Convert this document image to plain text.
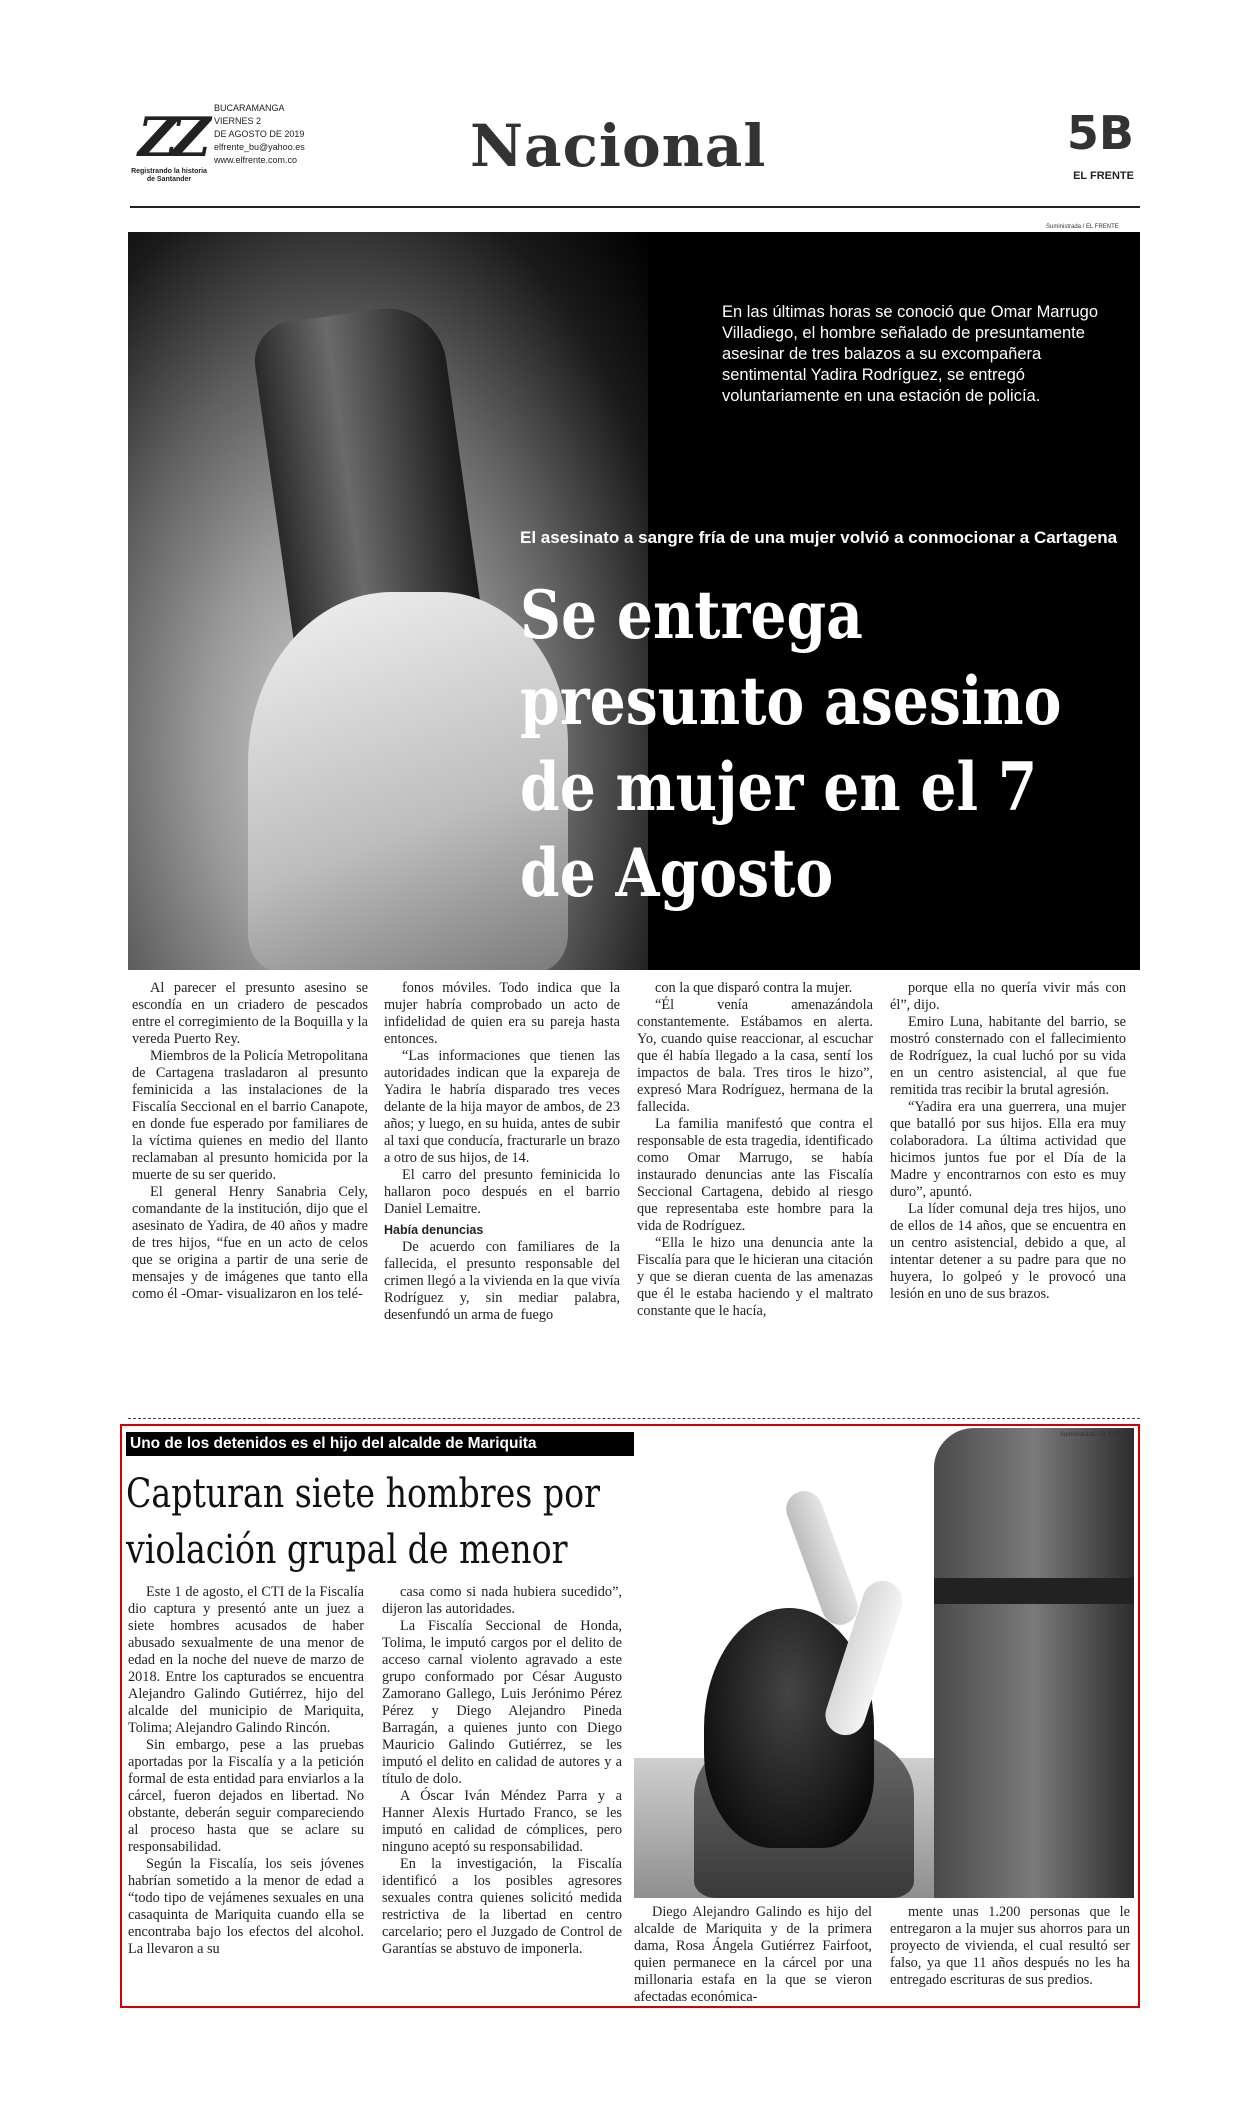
ZZ
Registrando la historia de Santander
BUCARAMANGA
VIERNES 2
DE AGOSTO DE 2019
elfrente_bu@yahoo.es
www.elfrente.com.co	Nacional	5B
EL FRENTE
Suministrada / EL FRENTE
En las últimas horas se conoció que Omar Marrugo Villadiego, el hombre señalado de presuntamente asesinar de tres balazos a su excompañera sentimental Yadira Rodríguez, se entregó voluntariamente en una estación de policía.
El asesinato a sangre fría de una mujer volvió a conmocionar a Cartagena
Se entrega presunto asesino de mujer en el 7 de Agosto

Al parecer el presunto asesino se escondía en un criadero de pescados entre el corregimiento de la Boquilla y la vereda Puerto Rey.

Miembros de la Policía Metropolitana de Cartagena trasladaron al presunto feminicida a las instalaciones de la Fiscalía Seccional en el barrio Canapote, en donde fue esperado por familiares de la víctima quienes en medio del llanto reclamaban al presunto homicida por la muerte de su ser querido.

El general Henry Sanabria Cely, comandante de la institución, dijo que el asesinato de Yadira, de 40 años y madre de tres hijos, “fue en un acto de celos que se origina a partir de una serie de mensajes y de imágenes que tanto ella como él -Omar- visualizaron en los telé-

fonos móviles. Todo indica que la mujer habría comprobado un acto de infidelidad de quien era su pareja hasta entonces.

“Las informaciones que tienen las autoridades indican que la expareja de Yadira le habría disparado tres veces delante de la hija mayor de ambos, de 23 años; y luego, en su huida, antes de subir al taxi que conducía, fracturarle un brazo a otro de sus hijos, de 14.

El carro del presunto feminicida lo hallaron poco después en el barrio Daniel Lemaitre.

Había denuncias

De acuerdo con familiares de la fallecida, el presunto responsable del crimen llegó a la vivienda en la que vivía Rodríguez y, sin mediar palabra, desenfundó un arma de fuego

con la que disparó contra la mujer.

“Él venía amenazándola constantemente. Estábamos en alerta. Yo, cuando quise reaccionar, al escuchar que él había llegado a la casa, sentí los impactos de bala. Tres tiros le hizo”, expresó Mara Rodríguez, hermana de la fallecida.

La familia manifestó que contra el responsable de esta tragedia, identificado como Omar Marrugo, se había instaurado denuncias ante las Fiscalía Seccional Cartagena, debido al riesgo que representaba este hombre para la vida de Rodríguez.

“Ella le hizo una denuncia ante la Fiscalía para que le hicieran una citación y que se dieran cuenta de las amenazas que él le estaba haciendo y el maltrato constante que le hacía,

porque ella no quería vivir más con él”, dijo.

Emiro Luna, habitante del barrio, se mostró consternado con el fallecimiento de Rodríguez, la cual luchó por su vida en un centro asistencial, al que fue remitida tras recibir la brutal agresión.

“Yadira era una guerrera, una mujer que batalló por sus hijos. Ella era muy colaboradora. La última actividad que hicimos juntos fue por el Día de la Madre y encontrarnos con esto es muy duro”, apuntó.

La líder comunal deja tres hijos, uno de ellos de 14 años, que se encuentra en un centro asistencial, debido a que, al intentar detener a su padre para que no huyera, lo golpeó y le provocó una lesión en uno de sus brazos.

Uno de los detenidos es el hijo del alcalde de Mariquita
Capturan siete hombres por violación grupal de menor
Suministrada / EL FRENTE

Este 1 de agosto, el CTI de la Fiscalía dio captura y presentó ante un juez a siete hombres acusados de haber abusado sexualmente de una menor de edad en la noche del nueve de marzo de 2018. Entre los capturados se encuentra Alejandro Galindo Gutiérrez, hijo del alcalde del municipio de Mariquita, Tolima; Alejandro Galindo Rincón.

Sin embargo, pese a las pruebas aportadas por la Fiscalía y a la petición formal de esta entidad para enviarlos a la cárcel, fueron dejados en libertad. No obstante, deberán seguir compareciendo al proceso hasta que se aclare su responsabilidad.

Según la Fiscalía, los seis jóvenes habrían sometido a la menor de edad a “todo tipo de vejámenes sexuales en una casaquinta de Mariquita cuando ella se encontraba bajo los efectos del alcohol. La llevaron a su

casa como si nada hubiera sucedido”, dijeron las autoridades.

La Fiscalía Seccional de Honda, Tolima, le imputó cargos por el delito de acceso carnal violento agravado a este grupo conformado por César Augusto Zamorano Gallego, Luis Jerónimo Pérez Pérez y Diego Alejandro Pineda Barragán, a quienes junto con Diego Mauricio Galindo Gutiérrez, se les imputó el delito en calidad de autores y a título de dolo.

A Óscar Iván Méndez Parra y a Hanner Alexis Hurtado Franco, se les imputó en calidad de cómplices, pero ninguno aceptó su responsabilidad.

En la investigación, la Fiscalía identificó a los posibles agresores sexuales contra quienes solicitó medida restrictiva de la libertad en centro carcelario; pero el Juzgado de Control de Garantías se abstuvo de imponerla.

Diego Alejandro Galindo es hijo del alcalde de Mariquita y de la primera dama, Rosa Ángela Gutiérrez Fairfoot, quien permanece en la cárcel por una millonaria estafa en la que se vieron afectadas económica-

mente unas 1.200 personas que le entregaron a la mujer sus ahorros para un proyecto de vivienda, el cual resultó ser falso, ya que 11 años después no les ha entregado escrituras de sus predios.
